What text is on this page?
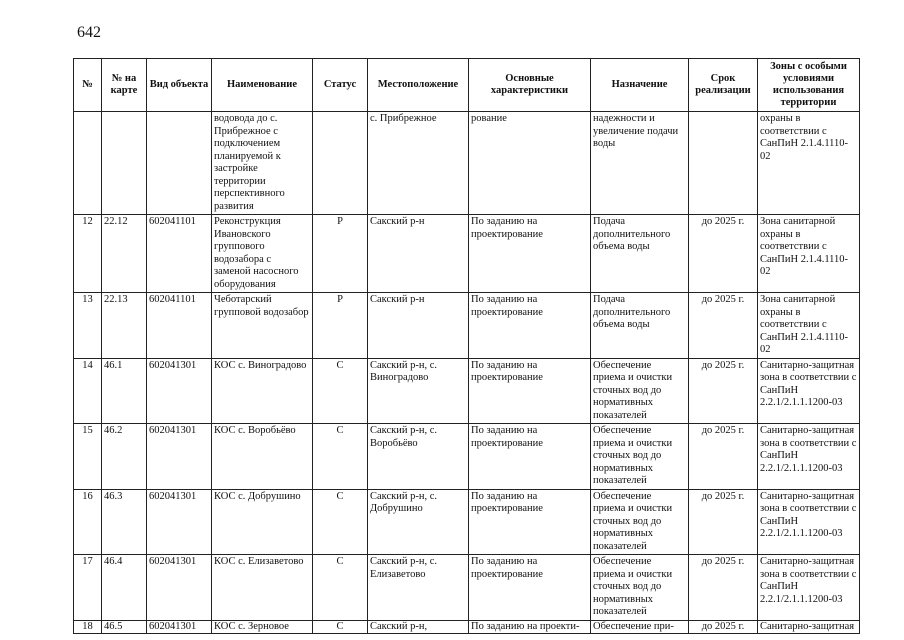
642
№	№ на карте	Вид объекта	Наименование	Статус	Местоположение	Основные характеристики	Назначение	Срок реализации	Зоны с особыми условиями использования территории
			водовода до с. Прибрежное с подключением планируемой к застройке территории перспективного развития		с. Прибрежное	рование	надежности и увеличение подачи воды		охраны в соответствии с СанПиН 2.1.4.1110-02
12	22.12	602041101	Реконструкция Ивановского группового водозабора с заменой насосного оборудования	Р	Сакский р-н	По заданию на проектирование	Подача дополнительного объема воды	до 2025 г.	Зона санитарной охраны в соответствии с СанПиН 2.1.4.1110-02
13	22.13	602041101	Чеботарский групповой водозабор	Р	Сакский р-н	По заданию на проектирование	Подача дополнительного объема воды	до 2025 г.	Зона санитарной охраны в соответствии с СанПиН 2.1.4.1110-02
14	46.1	602041301	КОС с. Виноградово	С	Сакский р-н, с. Виноградово	По заданию на проектирование	Обеспечение приема и очистки сточных вод до нормативных показателей	до 2025 г.	Санитарно-защитная зона в соответствии с СанПиН 2.2.1/2.1.1.1200-03
15	46.2	602041301	КОС с. Воробьёво	С	Сакский р-н, с. Воробьёво	По заданию на проектирование	Обеспечение приема и очистки сточных вод до нормативных показателей	до 2025 г.	Санитарно-защитная зона в соответствии с СанПиН 2.2.1/2.1.1.1200-03
16	46.3	602041301	КОС с. Добрушино	С	Сакский р-н, с. Добрушино	По заданию на проектирование	Обеспечение приема и очистки сточных вод до нормативных показателей	до 2025 г.	Санитарно-защитная зона в соответствии с СанПиН 2.2.1/2.1.1.1200-03
17	46.4	602041301	КОС с. Елизаветово	С	Сакский р-н, с. Елизаветово	По заданию на проектирование	Обеспечение приема и очистки сточных вод до нормативных показателей	до 2025 г.	Санитарно-защитная зона в соответствии с СанПиН 2.2.1/2.1.1.1200-03
18	46.5	602041301	КОС с. Зерновое	С	Сакский р-н,	По заданию на проекти-	Обеспечение при-	до 2025 г.	Санитарно-защитная
